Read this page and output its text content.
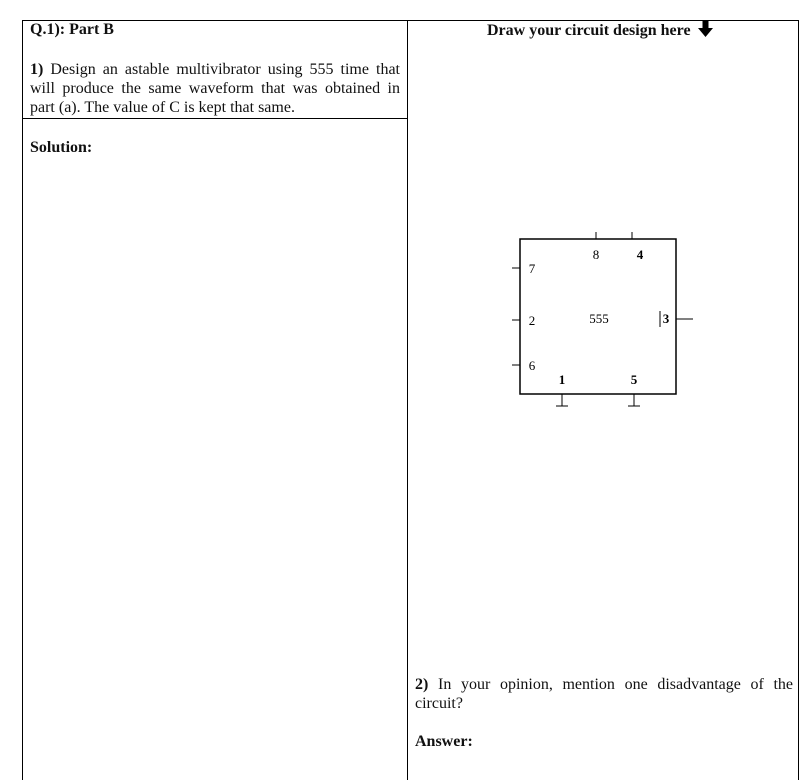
Q.1): Part B
1) Design an astable multivibrator using 555 time that will produce the same waveform that was obtained in part (a). The value of C is kept that same.
Solution:
Draw your circuit design here
8	4
7
2
6
555	3
1	5
2) In your opinion, mention one disadvantage of the circuit?
Answer:
